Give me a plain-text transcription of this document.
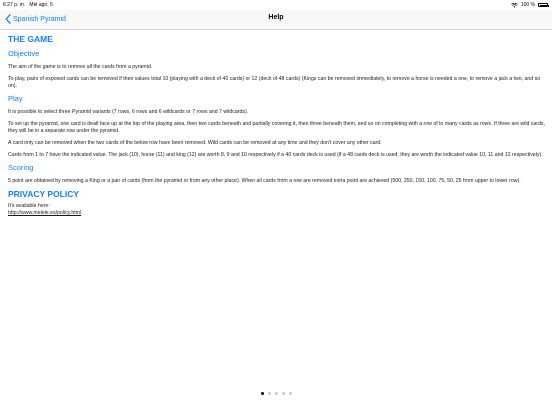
6:27 p. m. Mié ago. 5	100 %
Spanish Pyramid	Help
THE GAME
Objective

The aim of the game is to remove all the cards from a pyramid.

To play, pairs of exposed cards can be removed if their values total 10 (playing with a deck of 40 cards) or 12 (deck of 48 cards) (Kings can be removed immediately, to remove a horse is needed a one, to remove a jack a two, and so on).

Play

It is possible to select three Pyramid variants (7 rows, 6 rows and 6 wildcards or 7 rows and 7 wildcards).

To set up the pyramid, one card is dealt face up at the top of the playing area, then two cards beneath and partially covering it, then three beneath them, and so on completing with a row of to many cards as rows. If three are wild cards, they will be in a separate row under the pyramid.

A card only can be removed when the two cards of the below row have been removed. Wild cards can be removed at any time and they don't cover any other card.

Cards from 1 to 7 have the indicated value. The jack (10), horse (11) and king (12) are worth 8, 9 and 10 respectively if a 40 cards deck is used (if a 48 cards deck is used, they are worth the indicated value 10, 11 and 12 respectively).

Scoring

5 point are obtained by removing a King or a pair of cards (from the pyramid or from any other place). When all cards from a row are removed extra point are achieved (500, 250, 150, 100, 75, 50, 25 from upper to lower row).

PRIVACY POLICY

It's available here:
http://www.melele.es/policy.html
